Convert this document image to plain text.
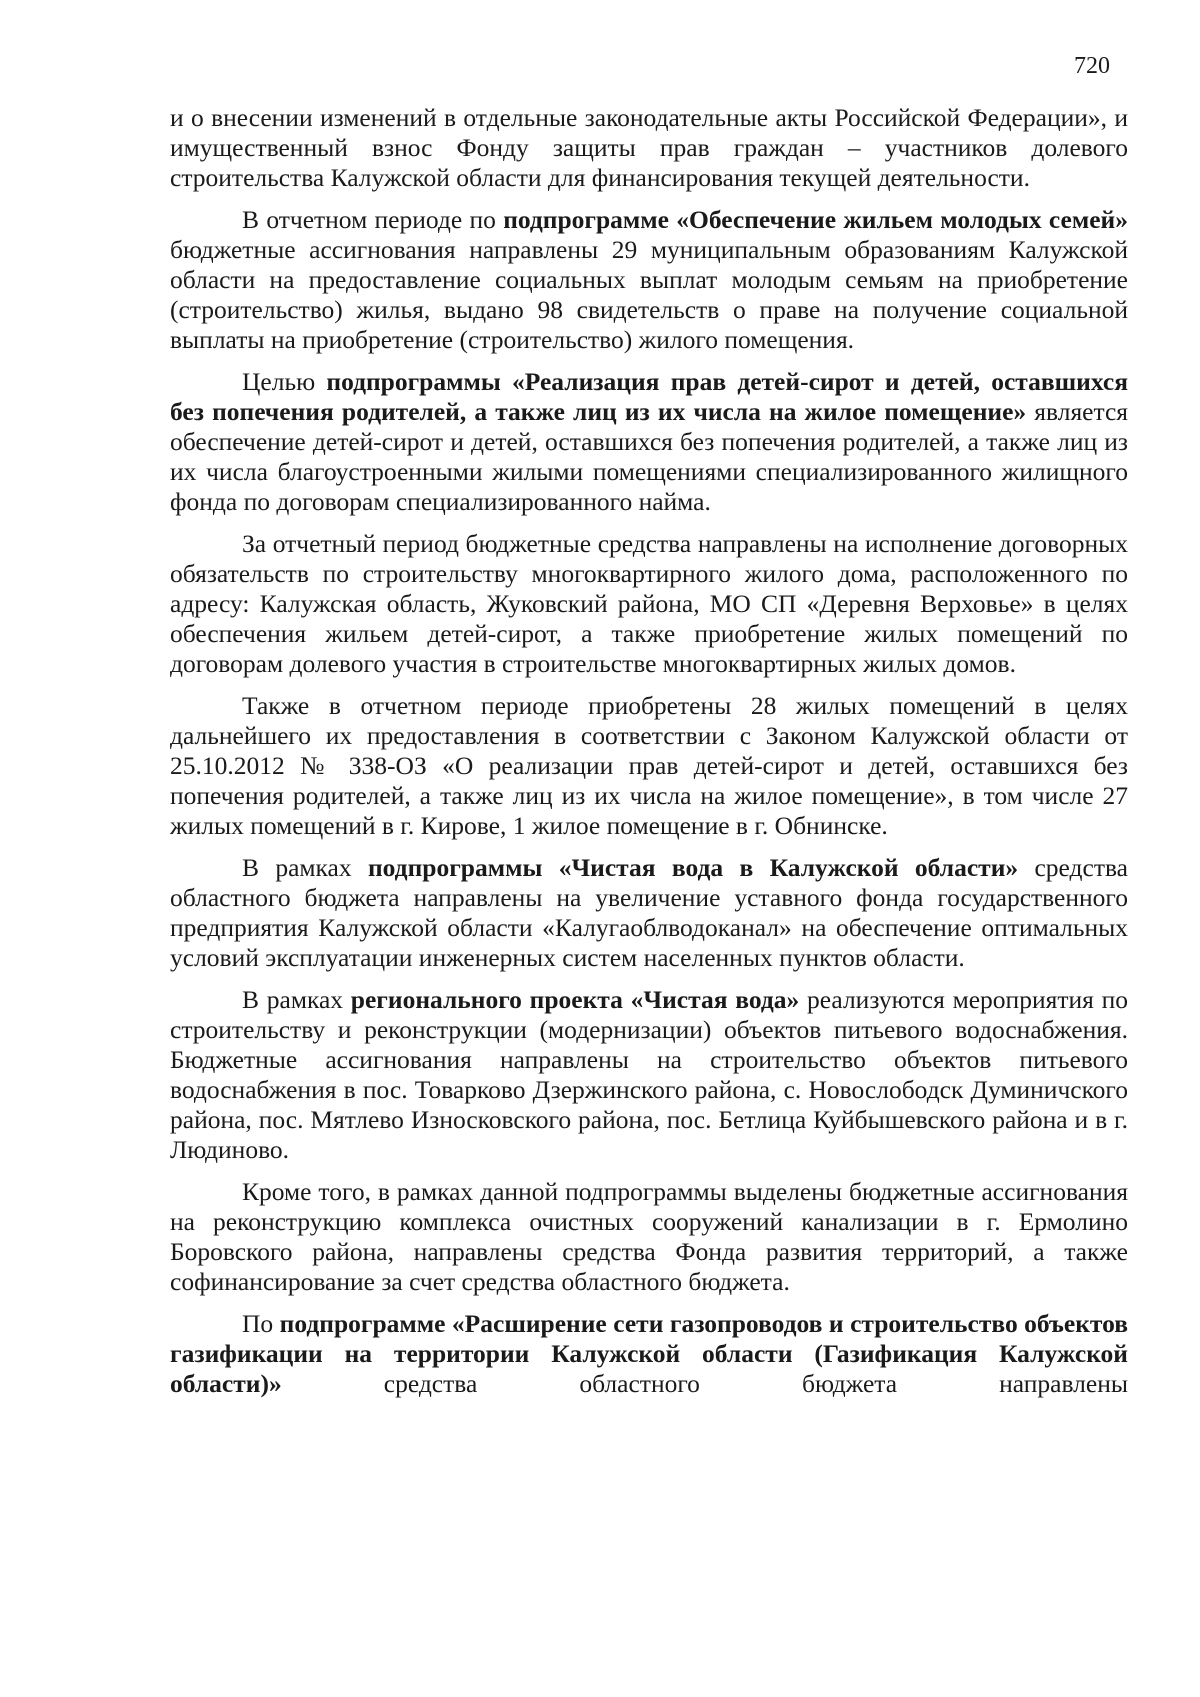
720

и о внесении изменений в отдельные законодательные акты Российской Федерации», и имущественный взнос Фонду защиты прав граждан – участников долевого строительства Калужской области для финансирования текущей деятельности.

В отчетном периоде по подпрограмме «Обеспечение жильем молодых семей» бюджетные ассигнования направлены 29 муниципальным образованиям Калужской области на предоставление социальных выплат молодым семьям на приобретение (строительство) жилья, выдано 98 свидетельств о праве на получение социальной выплаты на приобретение (строительство) жилого помещения.

Целью подпрограммы «Реализация прав детей-сирот и детей, оставшихся без попечения родителей, а также лиц из их числа на жилое помещение» является обеспечение детей-сирот и детей, оставшихся без попечения родителей, а также лиц из их числа благоустроенными жилыми помещениями специализированного жилищного фонда по договорам специализированного найма.

За отчетный период бюджетные средства направлены на исполнение договорных обязательств по строительству многоквартирного жилого дома, расположенного по адресу: Калужская область, Жуковский района, МО СП «Деревня Верховье» в целях обеспечения жильем детей-сирот, а также приобретение жилых помещений по договорам долевого участия в строительстве многоквартирных жилых домов.

Также в отчетном периоде приобретены 28 жилых помещений в целях дальнейшего их предоставления в соответствии с Законом Калужской области от 25.10.2012 № 338-ОЗ «О реализации прав детей-сирот и детей, оставшихся без попечения родителей, а также лиц из их числа на жилое помещение», в том числе 27 жилых помещений в г. Кирове, 1 жилое помещение в г. Обнинске.

В рамках подпрограммы «Чистая вода в Калужской области» средства областного бюджета направлены на увеличение уставного фонда государственного предприятия Калужской области «Калугаоблводоканал» на обеспечение оптимальных условий эксплуатации инженерных систем населенных пунктов области.

В рамках регионального проекта «Чистая вода» реализуются мероприятия по строительству и реконструкции (модернизации) объектов питьевого водоснабжения. Бюджетные ассигнования направлены на строительство объектов питьевого водоснабжения в пос. Товарково Дзержинского района, с. Новослободск Думиничского района, пос. Мятлево Износковского района, пос. Бетлица Куйбышевского района и в г. Людиново.

Кроме того, в рамках данной подпрограммы выделены бюджетные ассигнования на реконструкцию комплекса очистных сооружений канализации в г. Ермолино Боровского района, направлены средства Фонда развития территорий, а также софинансирование за счет средства областного бюджета.

По подпрограмме «Расширение сети газопроводов и строительство объектов газификации на территории Калужской области (Газификация Калужской области)» средства областного бюджета направлены
